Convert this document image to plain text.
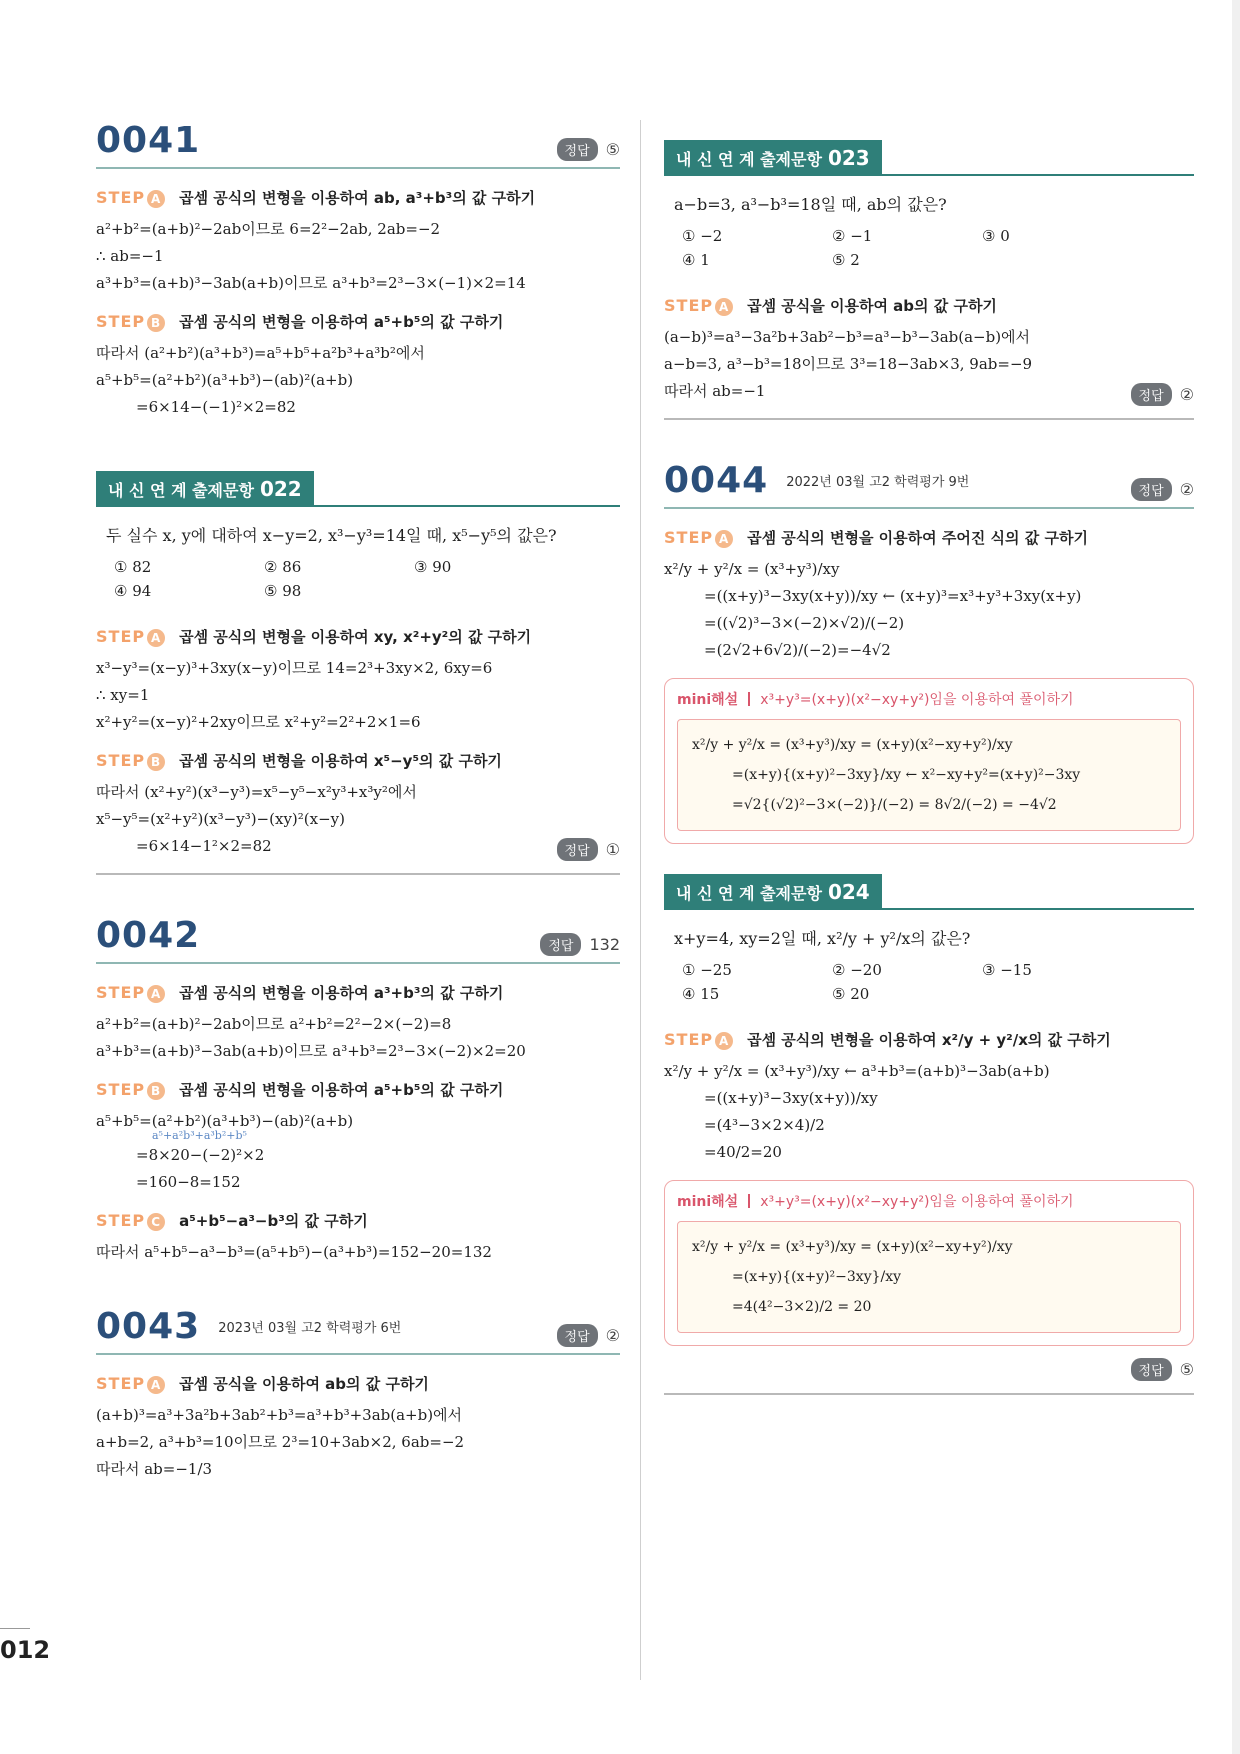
0041	정답	⑤
STEP A 곱셈 공식의 변형을 이용하여 ab, a³+b³의 값 구하기
a²+b²=(a+b)²−2ab이므로 6=2²−2ab, 2ab=−2
∴ ab=−1
a³+b³=(a+b)³−3ab(a+b)이므로 a³+b³=2³−3×(−1)×2=14
STEP B 곱셈 공식의 변형을 이용하여 a⁵+b⁵의 값 구하기
따라서 (a²+b²)(a³+b³)=a⁵+b⁵+a²b³+a³b²에서
a⁵+b⁵=(a²+b²)(a³+b³)−(ab)²(a+b)
=6×14−(−1)²×2=82
내 신 연 계 출제문항 022
두 실수 x, y에 대하여 x−y=2, x³−y³=14일 때, x⁵−y⁵의 값은?
① 82	② 86	③ 90
④ 94	⑤ 98
STEP A 곱셈 공식의 변형을 이용하여 xy, x²+y²의 값 구하기
x³−y³=(x−y)³+3xy(x−y)이므로 14=2³+3xy×2, 6xy=6
∴ xy=1
x²+y²=(x−y)²+2xy이므로 x²+y²=2²+2×1=6
STEP B 곱셈 공식의 변형을 이용하여 x⁵−y⁵의 값 구하기
따라서 (x²+y²)(x³−y³)=x⁵−y⁵−x²y³+x³y²에서
x⁵−y⁵=(x²+y²)(x³−y³)−(xy)²(x−y)
=6×14−1²×2=82	정답	①
0042	정답	132
STEP A 곱셈 공식의 변형을 이용하여 a³+b³의 값 구하기
a²+b²=(a+b)²−2ab이므로 a²+b²=2²−2×(−2)=8
a³+b³=(a+b)³−3ab(a+b)이므로 a³+b³=2³−3×(−2)×2=20
STEP B 곱셈 공식의 변형을 이용하여 a⁵+b⁵의 값 구하기
a⁵+b⁵=(a²+b²)(a³+b³)−(ab)²(a+b)
a⁵+a²b³+a³b²+b⁵
=8×20−(−2)²×2
=160−8=152
STEP C a⁵+b⁵−a³−b³의 값 구하기
따라서 a⁵+b⁵−a³−b³=(a⁵+b⁵)−(a³+b³)=152−20=132
0043 2023년 03월 고2 학력평가 6번
정답	②
STEP A 곱셈 공식을 이용하여 ab의 값 구하기
(a+b)³=a³+3a²b+3ab²+b³=a³+b³+3ab(a+b)에서
a+b=2, a³+b³=10이므로 2³=10+3ab×2, 6ab=−2
따라서 ab=−1/3
내 신 연 계 출제문항 023
a−b=3, a³−b³=18일 때, ab의 값은?
① −2	② −1	③ 0
④ 1	⑤ 2
STEP A 곱셈 공식을 이용하여 ab의 값 구하기
(a−b)³=a³−3a²b+3ab²−b³=a³−b³−3ab(a−b)에서
a−b=3, a³−b³=18이므로 3³=18−3ab×3, 9ab=−9
따라서 ab=−1	정답	②
0044 2022년 03월 고2 학력평가 9번
정답	②
STEP A 곱셈 공식의 변형을 이용하여 주어진 식의 값 구하기
x²/y + y²/x = (x³+y³)/xy
=((x+y)³−3xy(x+y))/xy ← (x+y)³=x³+y³+3xy(x+y)
=((√2)³−3×(−2)×√2)/(−2)
=(2√2+6√2)/(−2)=−4√2
mini해설 x³+y³=(x+y)(x²−xy+y²)임을 이용하여 풀이하기
x²/y + y²/x = (x³+y³)/xy = (x+y)(x²−xy+y²)/xy
=(x+y){(x+y)²−3xy}/xy ← x²−xy+y²=(x+y)²−3xy
=√2{(√2)²−3×(−2)}/(−2) = 8√2/(−2) = −4√2
내 신 연 계 출제문항 024
x+y=4, xy=2일 때, x²/y + y²/x의 값은?
① −25	② −20	③ −15
④ 15	⑤ 20
STEP A 곱셈 공식의 변형을 이용하여 x²/y + y²/x의 값 구하기
x²/y + y²/x = (x³+y³)/xy ← a³+b³=(a+b)³−3ab(a+b)
=((x+y)³−3xy(x+y))/xy
=(4³−3×2×4)/2
=40/2=20
mini해설 x³+y³=(x+y)(x²−xy+y²)임을 이용하여 풀이하기
x²/y + y²/x = (x³+y³)/xy = (x+y)(x²−xy+y²)/xy
=(x+y){(x+y)²−3xy}/xy
=4(4²−3×2)/2 = 20
정답	⑤
012
